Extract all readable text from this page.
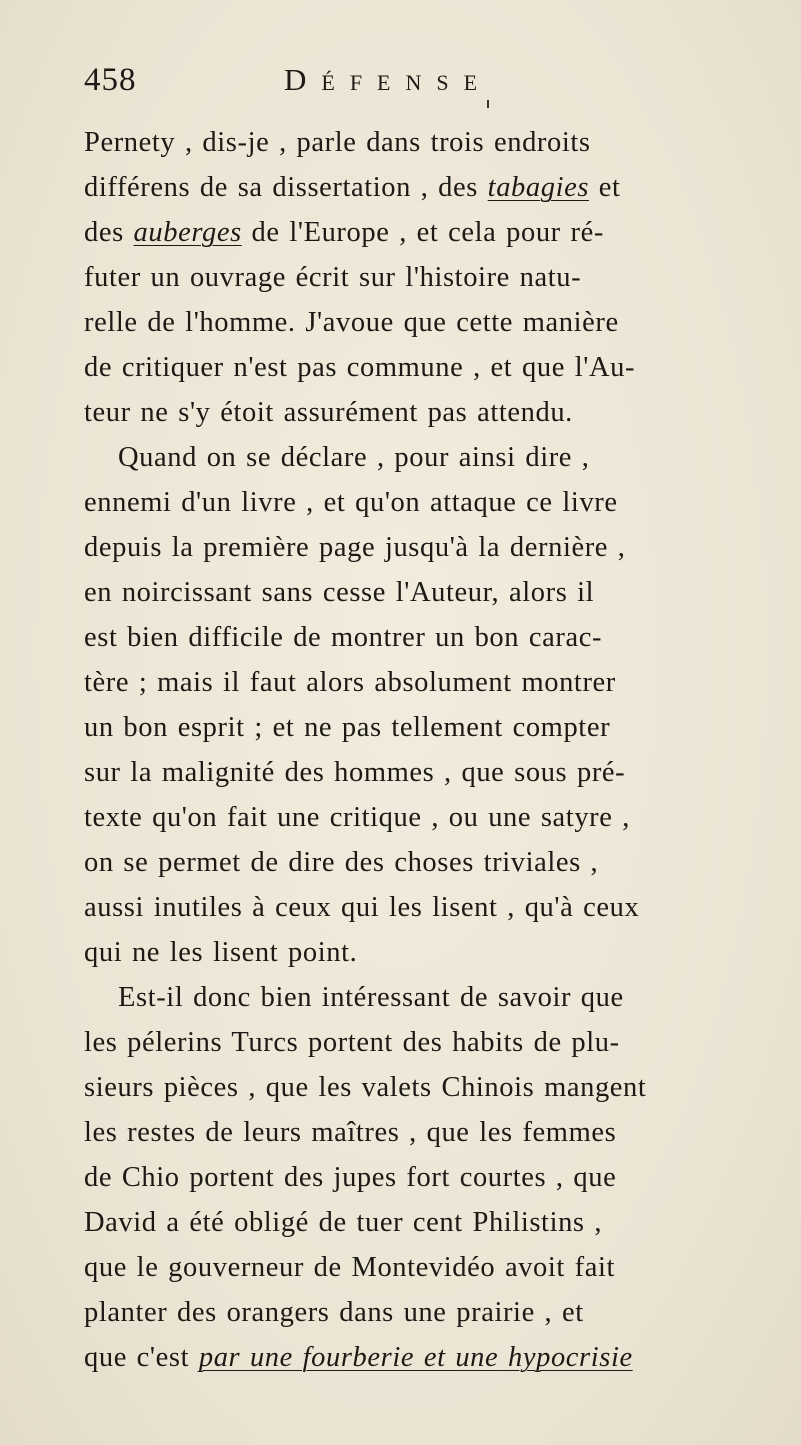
458	Défense
Pernety , dis-je , parle dans trois endroits
différens de sa dissertation , des tabagies et
des auberges de l'Europe , et cela pour ré-
futer un ouvrage écrit sur l'histoire natu-
relle de l'homme. J'avoue que cette manière
de critiquer n'est pas commune , et que l'Au-
teur ne s'y étoit assurément pas attendu.
Quand on se déclare , pour ainsi dire ,
ennemi d'un livre , et qu'on attaque ce livre
depuis la première page jusqu'à la dernière ,
en noircissant sans cesse l'Auteur, alors il
est bien difficile de montrer un bon carac-
tère ; mais il faut alors absolument montrer
un bon esprit ; et ne pas tellement compter
sur la malignité des hommes , que sous pré-
texte qu'on fait une critique , ou une satyre ,
on se permet de dire des choses triviales ,
aussi inutiles à ceux qui les lisent , qu'à ceux
qui ne les lisent point.
Est-il donc bien intéressant de savoir que
les pélerins Turcs portent des habits de plu-
sieurs pièces , que les valets Chinois mangent
les restes de leurs maîtres , que les femmes
de Chio portent des jupes fort courtes , que
David a été obligé de tuer cent Philistins ,
que le gouverneur de Montevidéo avoit fait
planter des orangers dans une prairie , et
que c'est par une fourberie et une hypocrisie
